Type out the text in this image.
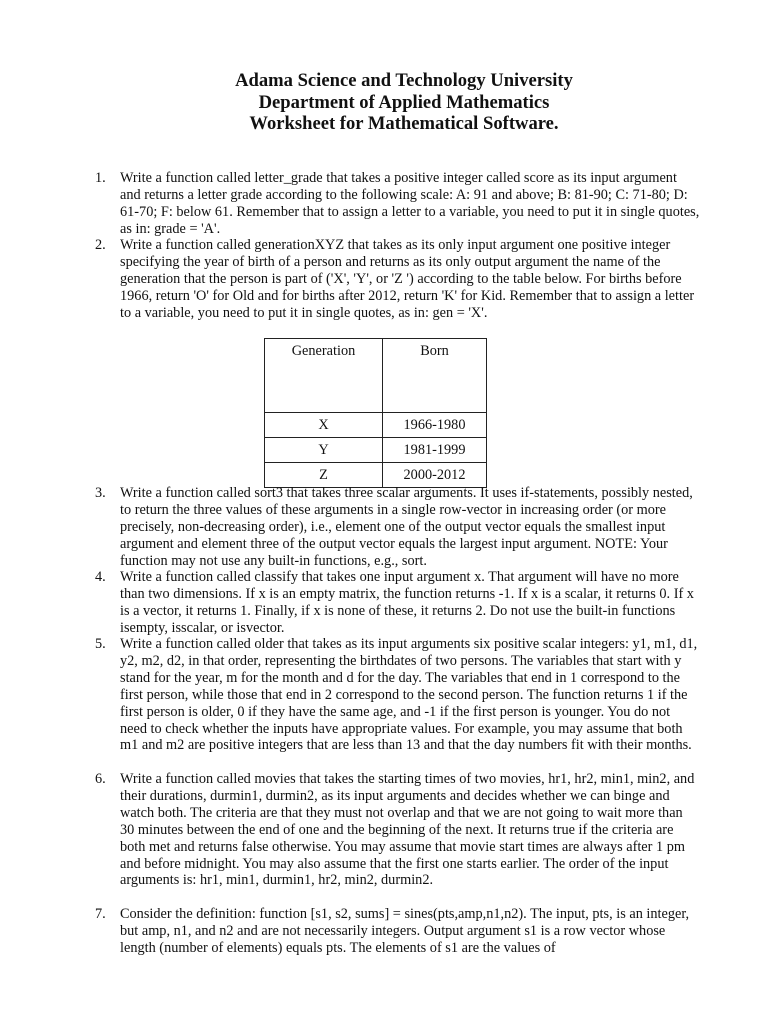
Adama Science and Technology University
Department of Applied Mathematics
Worksheet for Mathematical Software.
1. Write a function called letter_grade that takes a positive integer called score as its input argument and returns a letter grade according to the following scale: A: 91 and above; B: 81-90; C: 71-80; D: 61-70; F: below 61. Remember that to assign a letter to a variable, you need to put it in single quotes, as in: grade = 'A'.
2. Write a function called generationXYZ that takes as its only input argument one positive integer specifying the year of birth of a person and returns as its only output argument the name of the generation that the person is part of ('X', 'Y', or 'Z ') according to the table below. For births before 1966, return 'O' for Old and for births after 2012, return 'K' for Kid. Remember that to assign a letter to a variable, you need to put it in single quotes, as in: gen = 'X'.
Generation	Born
X	1966-1980
Y	1981-1999
Z	2000-2012
3. Write a function called sort3 that takes three scalar arguments. It uses if-statements, possibly nested, to return the three values of these arguments in a single row-vector in increasing order (or more precisely, non-decreasing order), i.e., element one of the output vector equals the smallest input argument and element three of the output vector equals the largest input argument. NOTE: Your function may not use any built-in functions, e.g., sort.
4. Write a function called classify that takes one input argument x. That argument will have no more than two dimensions. If x is an empty matrix, the function returns -1. If x is a scalar, it returns 0. If x is a vector, it returns 1. Finally, if x is none of these, it returns 2. Do not use the built-in functions isempty, isscalar, or isvector.
5. Write a function called older that takes as its input arguments six positive scalar integers: y1, m1, d1, y2, m2, d2, in that order, representing the birthdates of two persons. The variables that start with y stand for the year, m for the month and d for the day. The variables that end in 1 correspond to the first person, while those that end in 2 correspond to the second person. The function returns 1 if the first person is older, 0 if they have the same age, and -1 if the first person is younger. You do not need to check whether the inputs have appropriate values. For example, you may assume that both m1 and m2 are positive integers that are less than 13 and that the day numbers fit with their months.
6. Write a function called movies that takes the starting times of two movies, hr1, hr2, min1, min2, and their durations, durmin1, durmin2, as its input arguments and decides whether we can binge and watch both. The criteria are that they must not overlap and that we are not going to wait more than 30 minutes between the end of one and the beginning of the next. It returns true if the criteria are both met and returns false otherwise. You may assume that movie start times are always after 1 pm and before midnight. You may also assume that the first one starts earlier. The order of the input arguments is: hr1, min1, durmin1, hr2, min2, durmin2.
7. Consider the definition: function [s1, s2, sums] = sines(pts,amp,n1,n2). The input, pts, is an integer, but amp, n1, and n2 and are not necessarily integers. Output argument s1 is a row vector whose length (number of elements) equals pts. The elements of s1 are the values of
